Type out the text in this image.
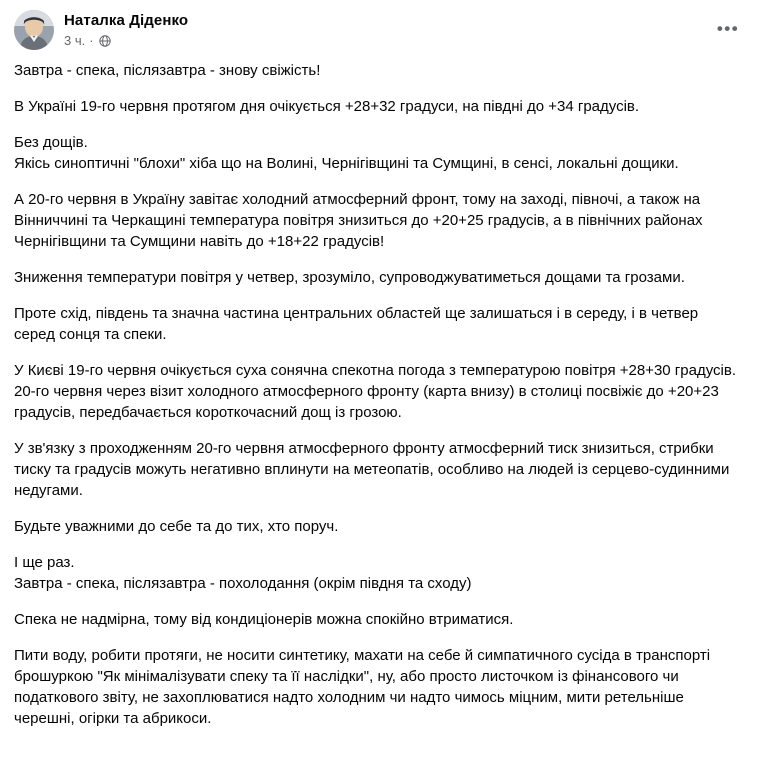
Наталка Діденко
3 ч. ·
•••

Завтра - спека, післязавтра - знову свіжість!

В Україні 19-го червня протягом дня очікується +28+32 градуси, на півдні до +34 градусів.

Без дощів.

Якісь синоптичні "блохи" хіба що на Волині, Чернігівщині та Сумщині, в сенсі, локальні дощики.

А 20-го червня в Україну завітає холодний атмосферний фронт, тому на заході, півночі, а також на Вінниччині та Черкащині температура повітря знизиться до +20+25 градусів, а в північних районах Чернігівщини та Сумщини навіть до +18+22 градусів!

Зниження температури повітря у четвер, зрозуміло, супроводжуватиметься дощами та грозами.

Проте схід, південь та значна частина центральних областей ще залишаться і в середу, і в четвер серед сонця та спеки.

У Києві 19-го червня очікується суха сонячна спекотна погода з температурою повітря +28+30 градусів.

20-го червня через візит холодного атмосферного фронту (карта внизу) в столиці посвіжіє до +20+23 градусів, передбачається короткочасний дощ із грозою.

У зв'язку з проходженням 20-го червня атмосферного фронту атмосферний тиск знизиться, стрибки тиску та градусів можуть негативно вплинути на метеопатів, особливо на людей із серцево-судинними недугами.

Будьте уважними до себе та до тих, хто поруч.

І ще раз.

Завтра - спека, післязавтра - похолодання (окрім півдня та сходу)

Спека не надмірна, тому від кондиціонерів можна спокійно втриматися.

Пити воду, робити протяги, не носити синтетику, махати на себе й симпатичного сусіда в транспорті брошуркою "Як мінімалізувати спеку та її наслідки", ну, або просто листочком із фінансового чи податкового звіту, не захоплюватися надто холодним чи надто чимось міцним, мити ретельніше черешні, огірки та абрикоси.
